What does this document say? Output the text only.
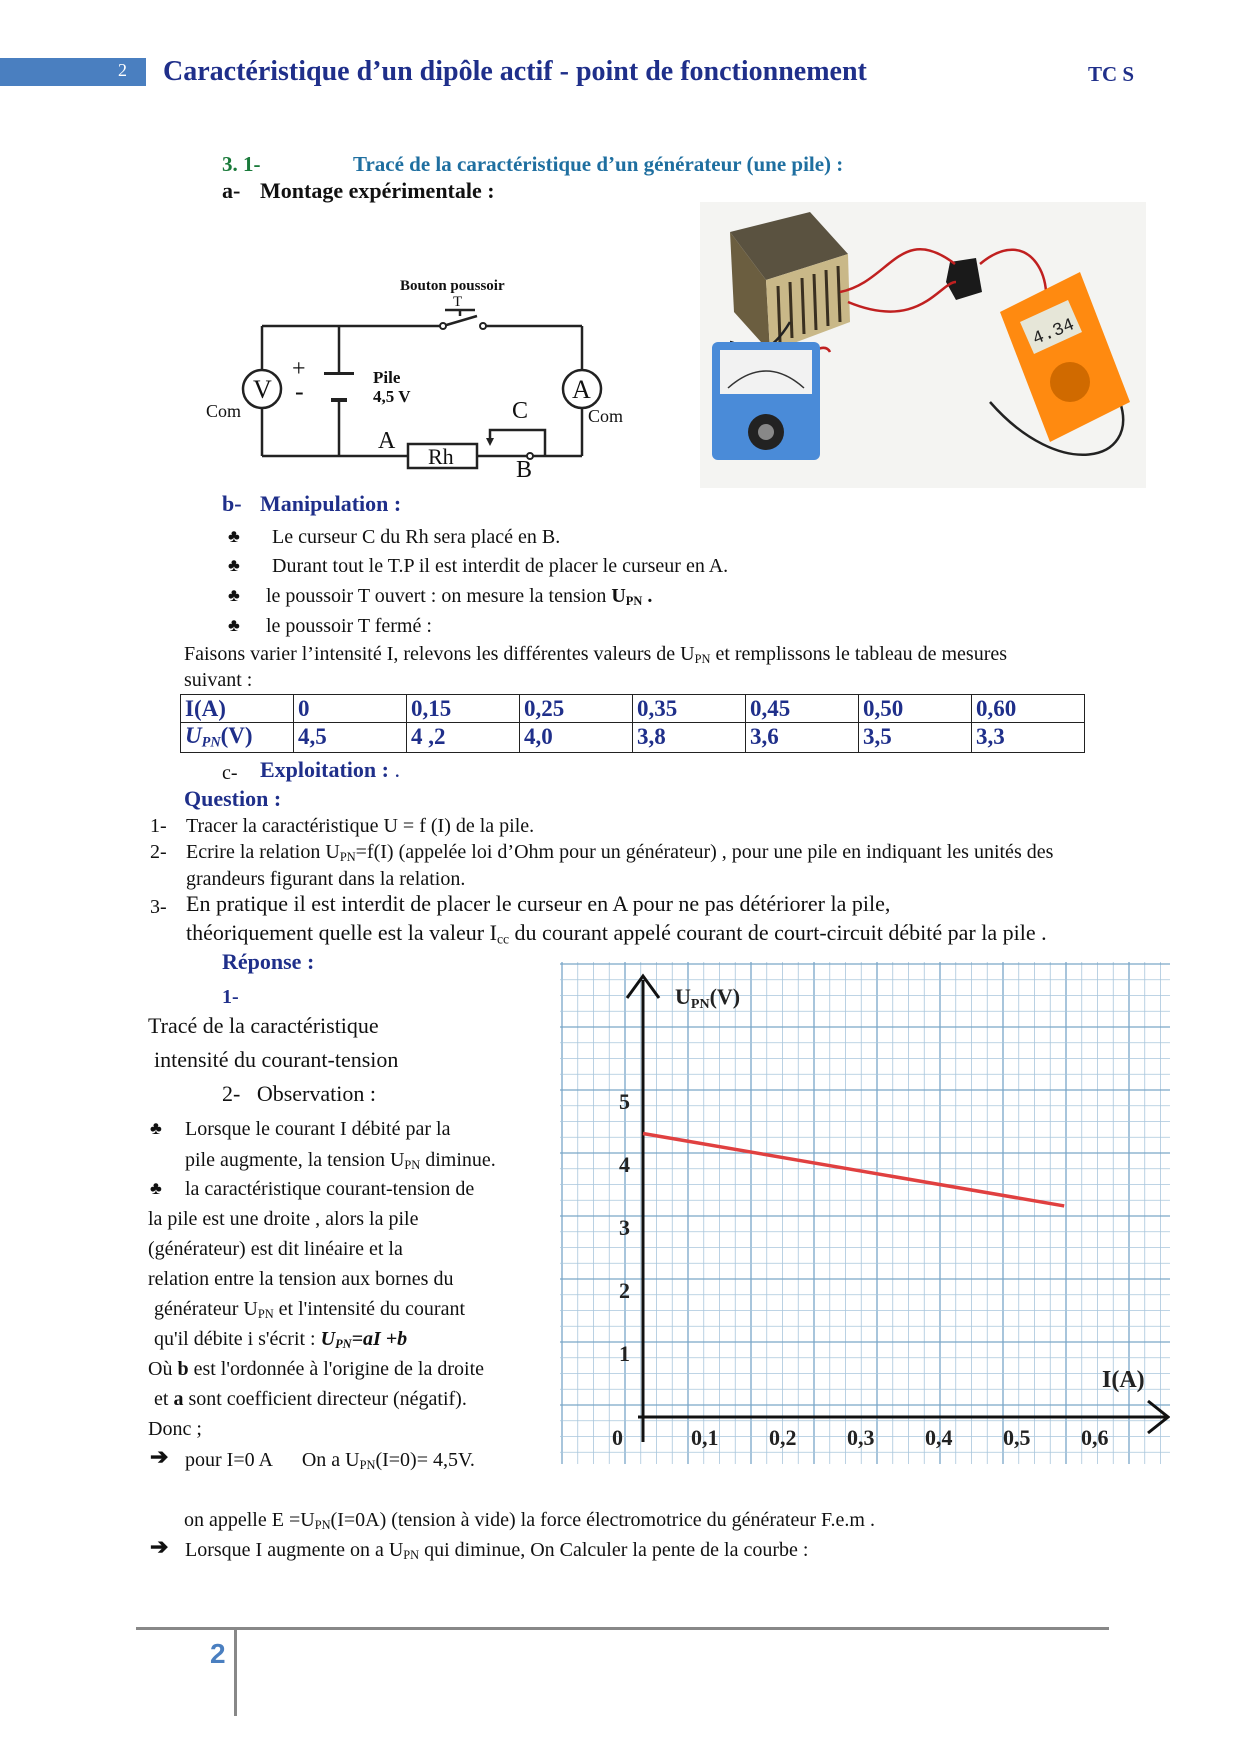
2 Caractéristique d’un dipôle actif - point de fonctionnement	TC S
3. 1-	Tracé de la caractéristique d’un générateur (une pile) :
a- Montage expérimentale :
Bouton poussoir
T
V	A
Com	Com
+
-	Pile
4,5 V
A
B
C
Rh
4.34
b- Manipulation :
♣ Le curseur C du Rh sera placé en B.
♣ Durant tout le T.P il est interdit de placer le curseur en A.
♣ le poussoir T ouvert : on mesure la tension $U_{PN}$ .
♣ le poussoir T fermé :
Faisons varier l’intensité I, relevons les différentes valeurs de $U_{PN}$ et remplissons le tableau de mesures
suivant :
I(A)	0	0,15	0,25	0,35	0,45	0,50	0,60
$U_{PN}(V)$	4,5	4 ,2	4,0	3,8	3,6	3,5	3,3
c- Exploitation : .
Question :
1- Tracer la caractéristique U = f (I) de la pile.
2- Ecrire la relation $U_{PN}=f(I)$ (appelée loi d’Ohm pour un générateur) , pour une pile en indiquant les unités des
grandeurs figurant dans la relation.
3- En pratique il est interdit de placer le curseur en A pour ne pas détériorer la pile,
théoriquement quelle est la valeur $I_{cc}$ du courant appelé courant de court-circuit débité par la pile .
Réponse :
1-
Tracé de la caractéristique
intensité du courant-tension
2-   Observation :
♣ Lorsque le courant I débité par la
pile augmente, la tension $U_{PN}$ diminue.
♣ la caractéristique courant-tension de
la pile est une droite , alors la pile
(générateur) est dit linéaire et la
relation entre la tension aux bornes du
générateur $U_{PN}$ et l'intensité du courant
qu'il débite i s'écrit : $U_{PN}=aI +b$
Où b est l'ordonnée à l'origine de la droite
et a sont coefficient directeur (négatif).
Donc ;
➔ pour I=0 A      On a $U_{PN}(I=0)= 4,5V$.
on appelle $E =U_{PN}(I=0A)$ (tension à vide) la force électromotrice du générateur F.e.m .
➔ Lorsque I augmente on a $U_{PN}$ qui diminue, On Calculer la pente de la courbe :
1
2
3
4
5
0,1 0,2 0,3 0,4 0,5 0,6
UPN(V)
I(A)
0
2
